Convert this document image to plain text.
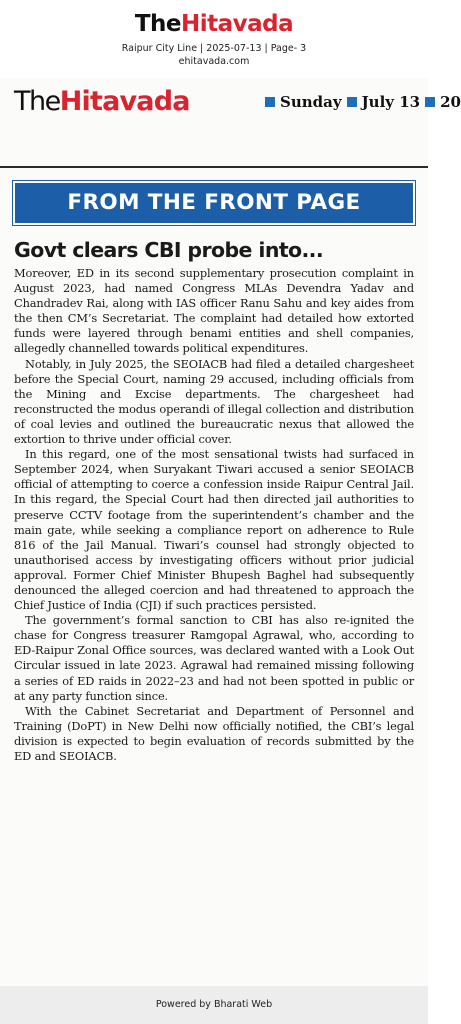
TheHitavada
Raipur City Line | 2025-07-13 | Page- 3
ehitavada.com
TheHitavada	Sunday July 13 20
FROM THE FRONT PAGE
Govt clears CBI probe into...

Moreover, ED in its second supplementary prosecution complaint in August 2023, had named Congress MLAs Devendra Yadav and Chandradev Rai, along with IAS officer Ranu Sahu and key aides from the then CM’s Secretariat. The complaint had detailed how extorted funds were layered through benami entities and shell companies, allegedly channelled towards political expenditures.

Notably, in July 2025, the SEOIACB had filed a detailed chargesheet before the Special Court, naming 29 accused, including officials from the Mining and Excise departments. The chargesheet had reconstructed the modus operandi of illegal collection and distribution of coal levies and outlined the bureaucratic nexus that allowed the extortion to thrive under official cover.

In this regard, one of the most sensational twists had surfaced in September 2024, when Suryakant Tiwari accused a senior SEOIACB official of attempting to coerce a confession inside Raipur Central Jail. In this regard, the Special Court had then directed jail authorities to preserve CCTV footage from the superintendent’s chamber and the main gate, while seeking a compliance report on adherence to Rule 816 of the Jail Manual. Tiwari’s counsel had strongly objected to unauthorised access by investigating officers without prior judicial approval. Former Chief Minister Bhupesh Baghel had subsequently denounced the alleged coercion and had threatened to approach the Chief Justice of India (CJI) if such practices persisted.

The government’s formal sanction to CBI has also re-ignited the chase for Congress treasurer Ramgopal Agrawal, who, according to ED-Raipur Zonal Office sources, was declared wanted with a Look Out Circular issued in late 2023. Agrawal had remained missing following a series of ED raids in 2022–23 and had not been spotted in public or at any party function since.

With the Cabinet Secretariat and Department of Personnel and Training (DoPT) in New Delhi now officially notified, the CBI’s legal division is expected to begin evaluation of records submitted by the ED and SEOIACB.

Powered by Bharati Web
